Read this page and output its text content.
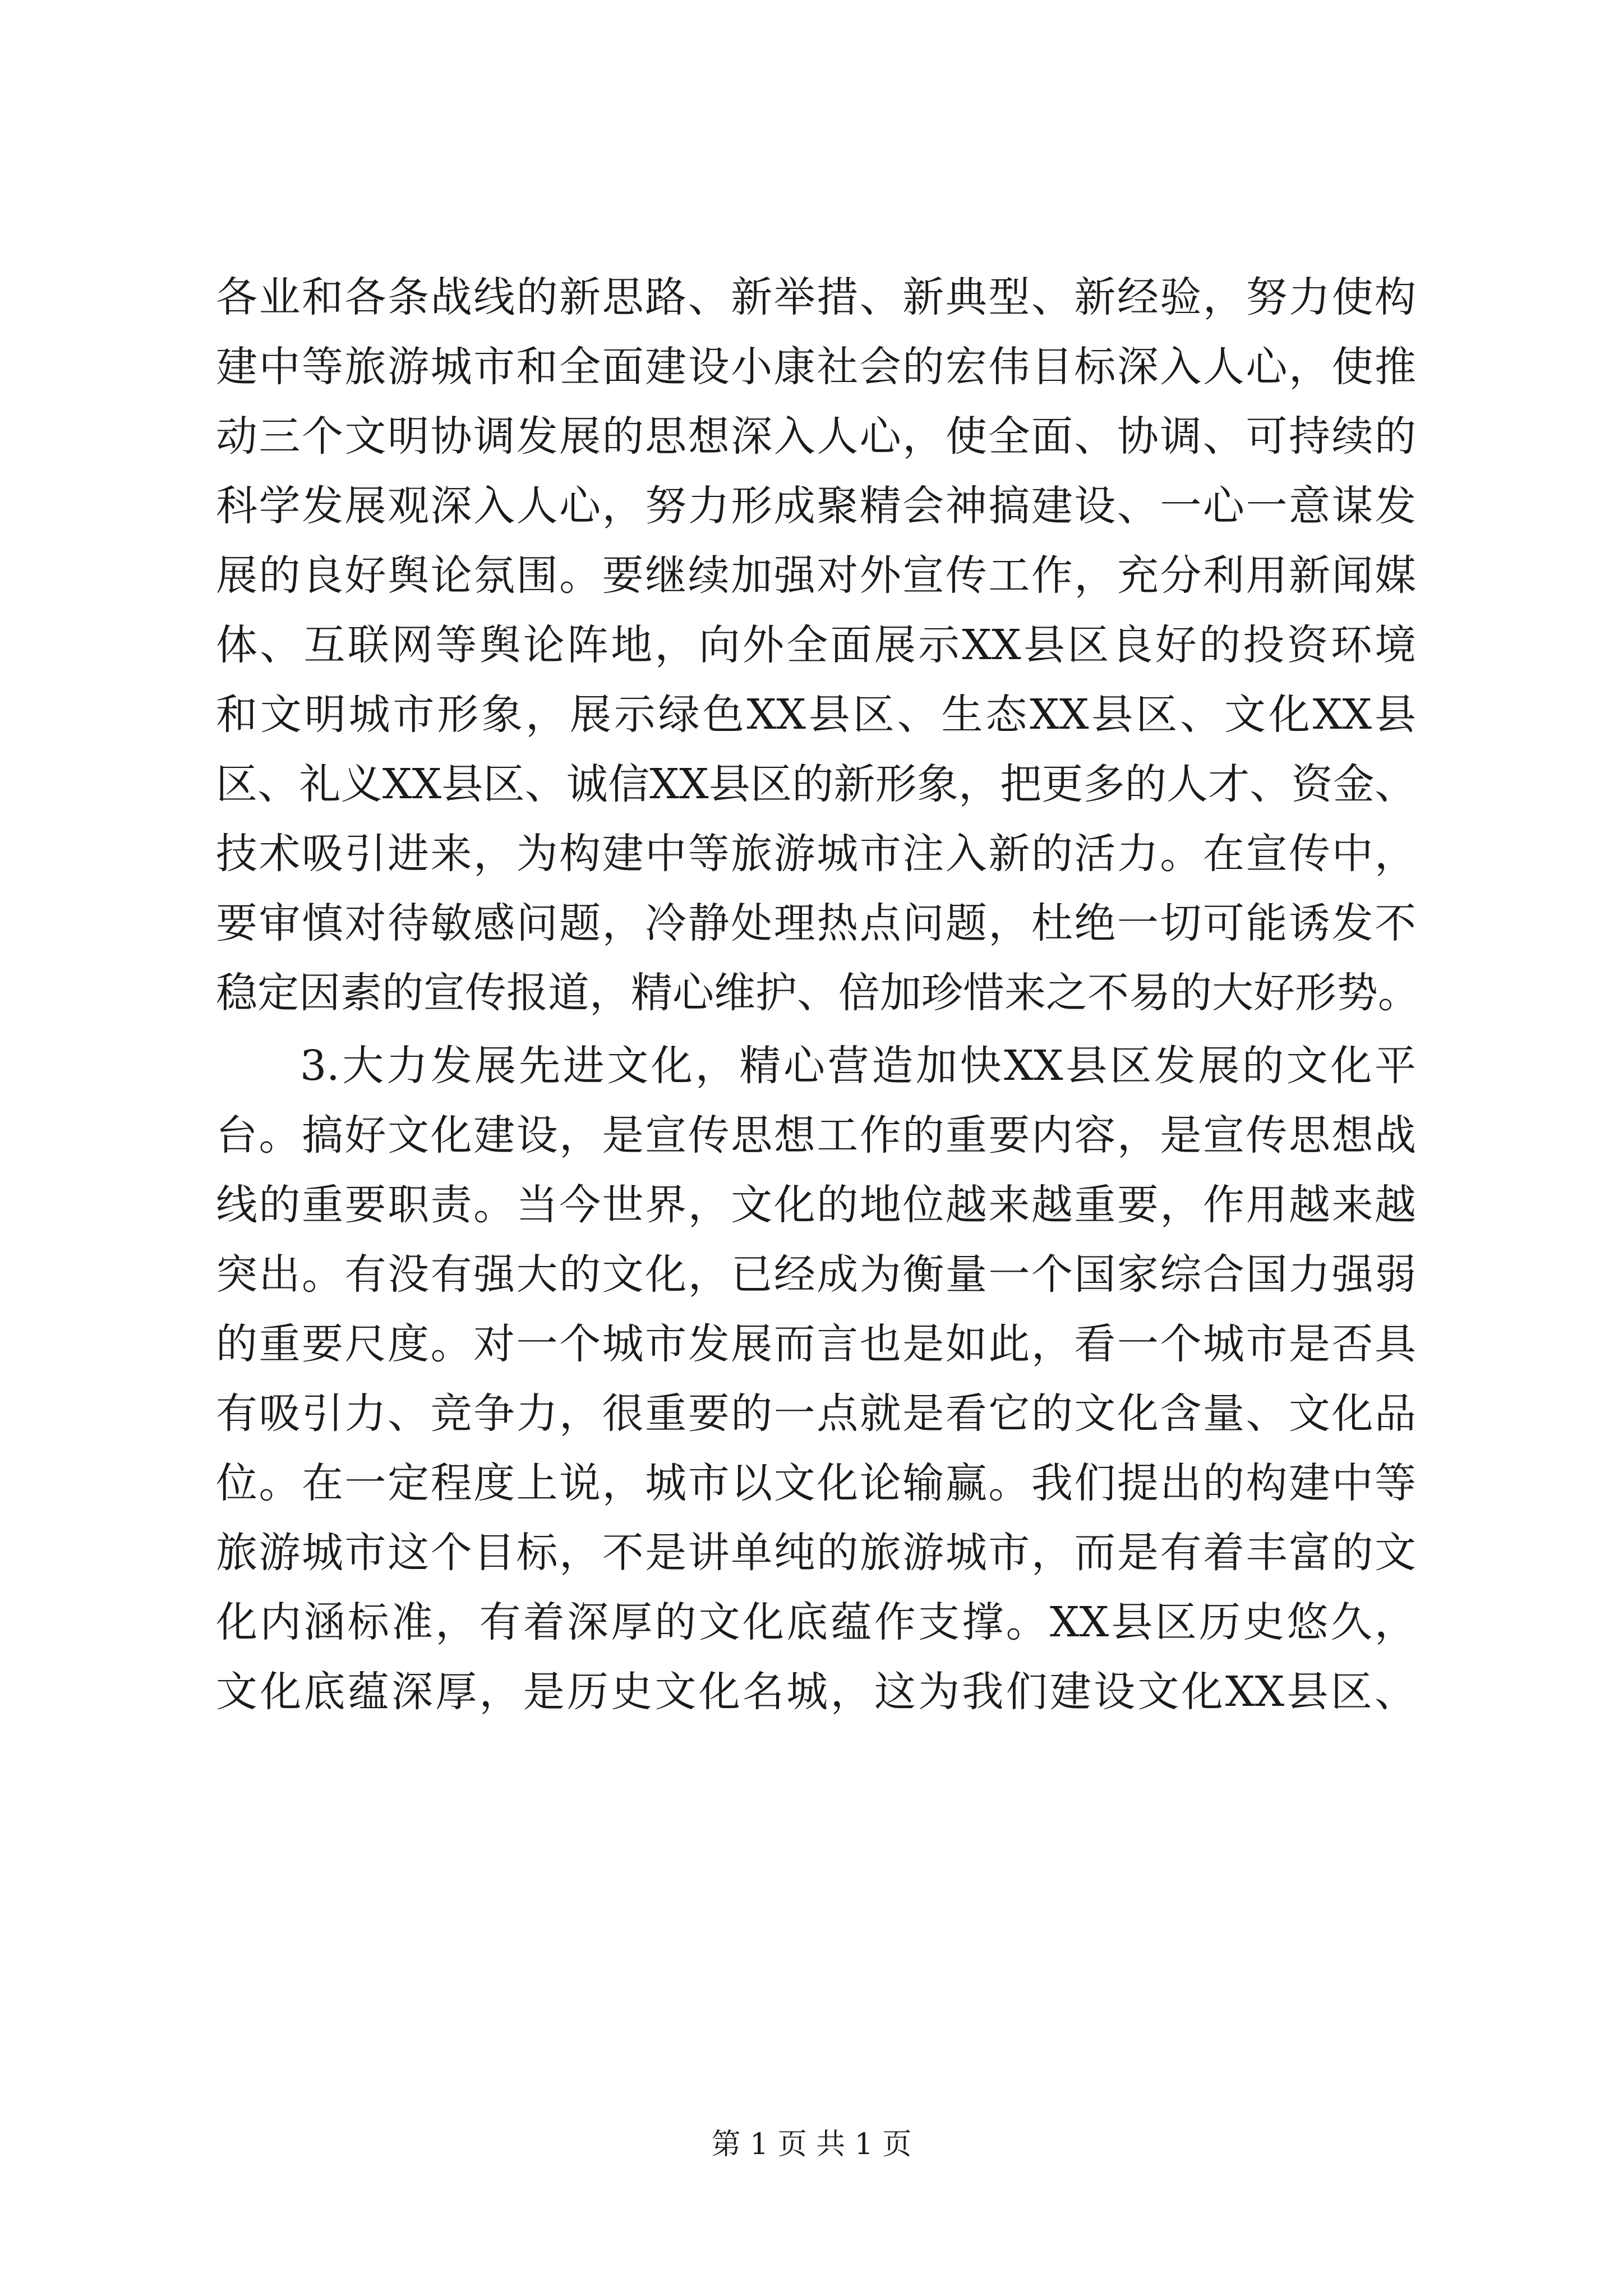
各业和各条战线的新思路、新举措、新典型、新经验，努力使构
建中等旅游城市和全面建设小康社会的宏伟目标深入人心，使推
动三个文明协调发展的思想深入人心，使全面、协调、可持续的
科学发展观深入人心，努力形成聚精会神搞建设、一心一意谋发
展的良好舆论氛围。要继续加强对外宣传工作，充分利用新闻媒
体、互联网等舆论阵地，向外全面展示XX县区良好的投资环境
和文明城市形象，展示绿色XX县区、生态XX县区、文化XX县
区、礼义XX县区、诚信XX县区的新形象，把更多的人才、资金、
技术吸引进来，为构建中等旅游城市注入新的活力。在宣传中，
要审慎对待敏感问题，冷静处理热点问题，杜绝一切可能诱发不
稳定因素的宣传报道，精心维护、倍加珍惜来之不易的大好形势。
3.大力发展先进文化，精心营造加快XX县区发展的文化平
台。搞好文化建设，是宣传思想工作的重要内容，是宣传思想战
线的重要职责。当今世界，文化的地位越来越重要，作用越来越
突出。有没有强大的文化，已经成为衡量一个国家综合国力强弱
的重要尺度。对一个城市发展而言也是如此，看一个城市是否具
有吸引力、竞争力，很重要的一点就是看它的文化含量、文化品
位。在一定程度上说，城市以文化论输赢。我们提出的构建中等
旅游城市这个目标，不是讲单纯的旅游城市，而是有着丰富的文
化内涵标准，有着深厚的文化底蕴作支撑。XX县区历史悠久，
文化底蕴深厚，是历史文化名城，这为我们建设文化XX县区、
第 1 页 共 1 页
